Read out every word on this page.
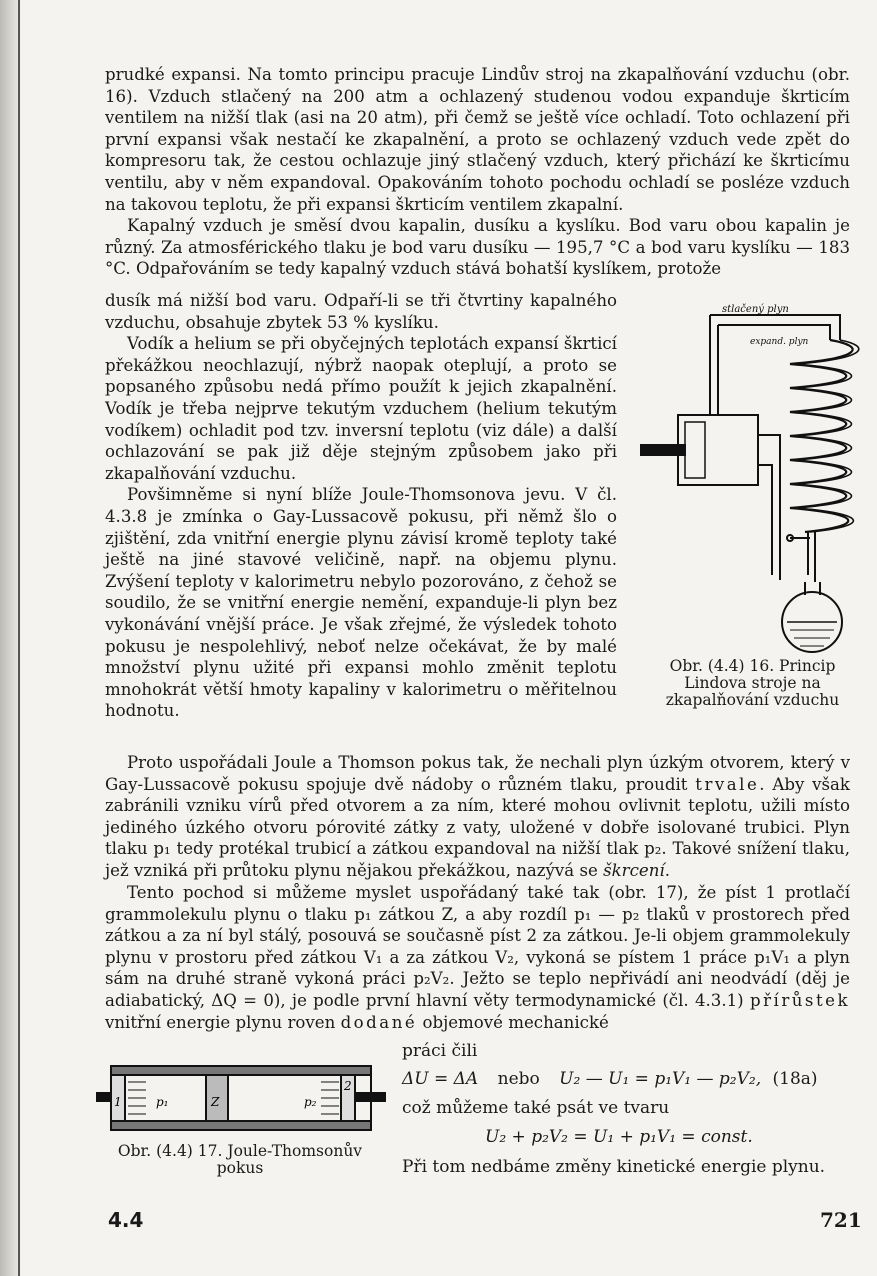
prudké expansi. Na tomto principu pracuje Lindův stroj na zkapalňování vzduchu (obr. 16). Vzduch stlačený na 200 atm a ochlazený studenou vodou expanduje škrticím ventilem na nižší tlak (asi na 20 atm), při čemž se ještě více ochladí. Toto ochlazení při první expansi však nestačí ke zkapalnění, a proto se ochlazený vzduch vede zpět do kompresoru tak, že cestou ochlazuje jiný stlačený vzduch, který přichází ke škrticímu ventilu, aby v něm expandoval. Opakováním tohoto pochodu ochladí se posléze vzduch na takovou teplotu, že při expansi škrticím ventilem zkapalní.

Kapalný vzduch je směsí dvou kapalin, dusíku a kyslíku. Bod varu obou kapalin je různý. Za atmosférického tlaku je bod varu dusíku — 195,7 °C a bod varu kyslíku — 183 °C. Odpařováním se tedy kapalný vzduch stává bohatší kyslíkem, protože

dusík má nižší bod varu. Odpaří-li se tři čtvrtiny kapalného vzduchu, obsahuje zbytek 53 % kyslíku.

Vodík a helium se při obyčejných teplotách expansí škrticí překážkou neochlazují, nýbrž naopak oteplují, a proto se popsaného způsobu nedá přímo použít k jejich zkapalnění. Vodík je třeba nejprve tekutým vzduchem (helium tekutým vodíkem) ochladit pod tzv. inversní teplotu (viz dále) a další ochlazování se pak již děje stejným způsobem jako při zkapalňování vzduchu.

Povšimněme si nyní blíže Joule-Thomsonova jevu. V čl. 4.3.8 je zmínka o Gay-Lussacově pokusu, při němž šlo o zjištění, zda vnitřní energie plynu závisí kromě teploty také ještě na jiné stavové veličině, např. na objemu plynu. Zvýšení teploty v kalorimetru nebylo pozorováno, z čehož se soudilo, že se vnitřní energie nemění, expanduje-li plyn bez vykonávání vnější práce. Je však zřejmé, že výsledek tohoto pokusu je nespolehlivý, neboť nelze očekávat, že by malé množství plynu užité při expansi mohlo změnit teplotu mnohokrát větší hmoty kapaliny v kalorimetru o měřitelnou hodnotu.

stlačený plyn
expand. plyn
Obr. (4.4) 16. Princip Lindova stroje na zkapalňování vzduchu

Proto uspořádali Joule a Thomson pokus tak, že nechali plyn úzkým otvorem, který v Gay-Lussacově pokusu spojuje dvě nádoby o různém tlaku, proudit trvale. Aby však zabránili vzniku vírů před otvorem a za ním, které mohou ovlivnit teplotu, užili místo jediného úzkého otvoru pórovité zátky z vaty, uložené v dobře isolované trubici. Plyn tlaku p₁ tedy protékal trubicí a zátkou expandoval na nižší tlak p₂. Takové snížení tlaku, jež vzniká při průtoku plynu nějakou překážkou, nazývá se škrcení.

Tento pochod si můžeme myslet uspořádaný také tak (obr. 17), že píst 1 protlačí grammolekulu plynu o tlaku p₁ zátkou Z, a aby rozdíl p₁ — p₂ tlaků v prostorech před zátkou a za ní byl stálý, posouvá se současně píst 2 za zátkou. Je-li objem grammolekuly plynu v prostoru před zátkou V₁ a za zátkou V₂, vykoná se pístem 1 práce p₁V₁ a plyn sám na druhé straně vykoná práci p₂V₂. Ježto se teplo nepřivádí ani neodvádí (děj je adiabatický, ΔQ = 0), je podle první hlavní věty termodynamické (čl. 4.3.1) přírůstek vnitřní energie plynu roven dodané objemové mechanické

práci čili
1	p₁	Z	p₂
2
Obr. (4.4) 17. Joule-Thomsonův pokus
ΔU = ΔA nebo U₂ — U₁ = p₁V₁ — p₂V₂, (18a)
což můžeme také psát ve tvaru
U₂ + p₂V₂ = U₁ + p₁V₁ = const.
Při tom nedbáme změny kinetické energie plynu.
4.4	721
